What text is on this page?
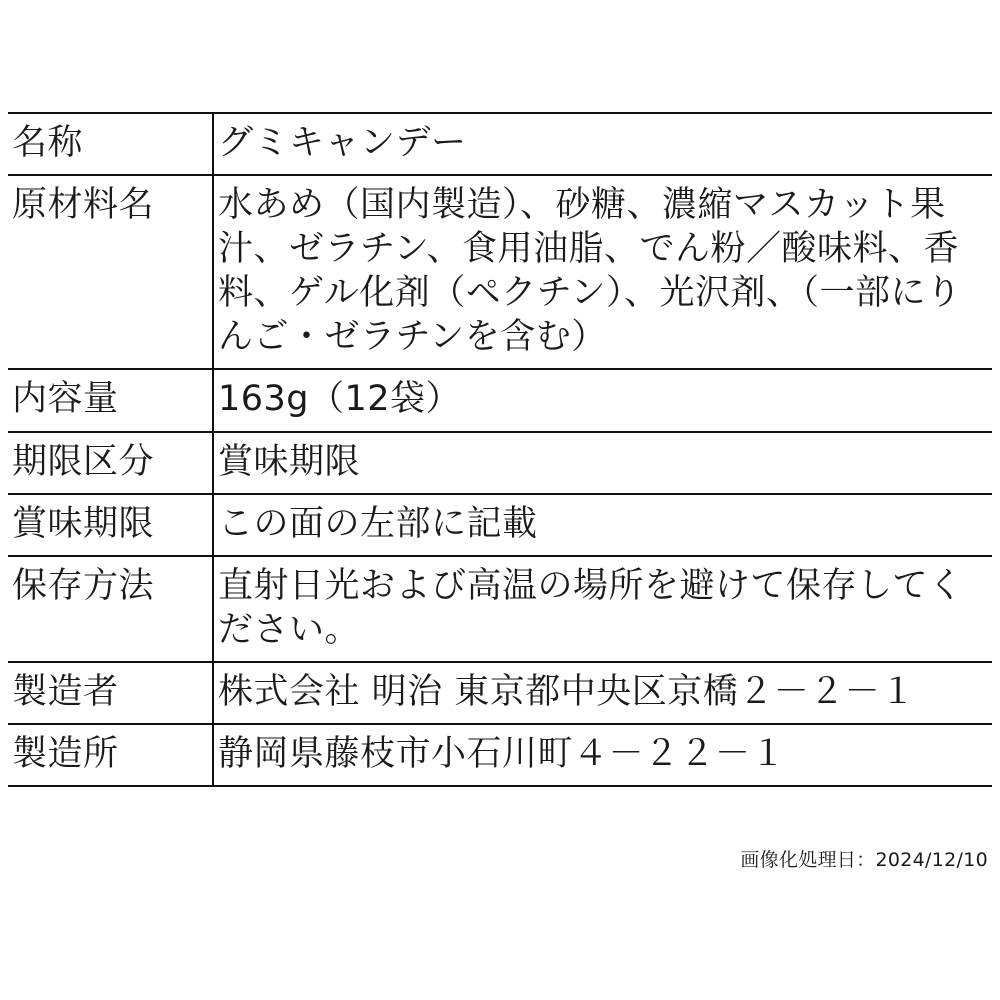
名称	グミキャンデー

原材料名	水あめ（国内製造）、砂糖、濃縮マスカット果汁、ゼラチン、食用油脂、でん粉／酸味料、香料、ゲル化剤（ペクチン）、光沢剤、（一部にりんご・ゼラチンを含む）

内容量	163g（12袋）

期限区分	賞味期限

賞味期限	この面の左部に記載

保存方法	直射日光および高温の場所を避けて保存してください。

製造者	株式会社 明治 東京都中央区京橋２－２－１

製造所	静岡県藤枝市小石川町４－２２－１
画像化処理日：2024/12/10
